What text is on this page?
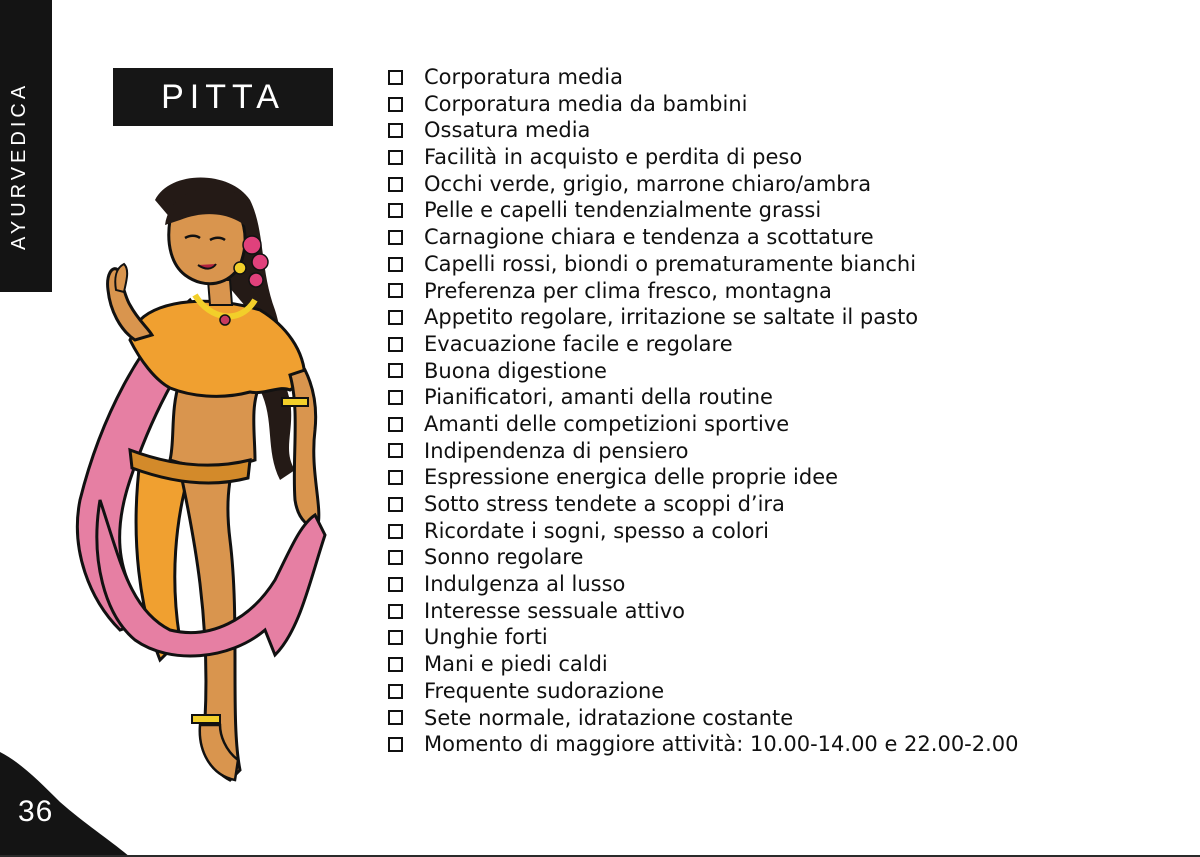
AYURVEDICA
36
PITTA
Corporatura media
Corporatura media da bambini
Ossatura media
Facilità in acquisto e perdita di peso
Occhi verde, grigio, marrone chiaro/ambra
Pelle e capelli tendenzialmente grassi
Carnagione chiara e tendenza a scottature
Capelli rossi, biondi o prematuramente bianchi
Preferenza per clima fresco, montagna
Appetito regolare, irritazione se saltate il pasto
Evacuazione facile e regolare
Buona digestione
Pianificatori, amanti della routine
Amanti delle competizioni sportive
Indipendenza di pensiero
Espressione energica delle proprie idee
Sotto stress tendete a scoppi d’ira
Ricordate i sogni, spesso a colori
Sonno regolare
Indulgenza al lusso
Interesse sessuale attivo
Unghie forti
Mani e piedi caldi
Frequente sudorazione
Sete normale, idratazione costante
Momento di maggiore attività: 10.00-14.00 e 22.00-2.00
